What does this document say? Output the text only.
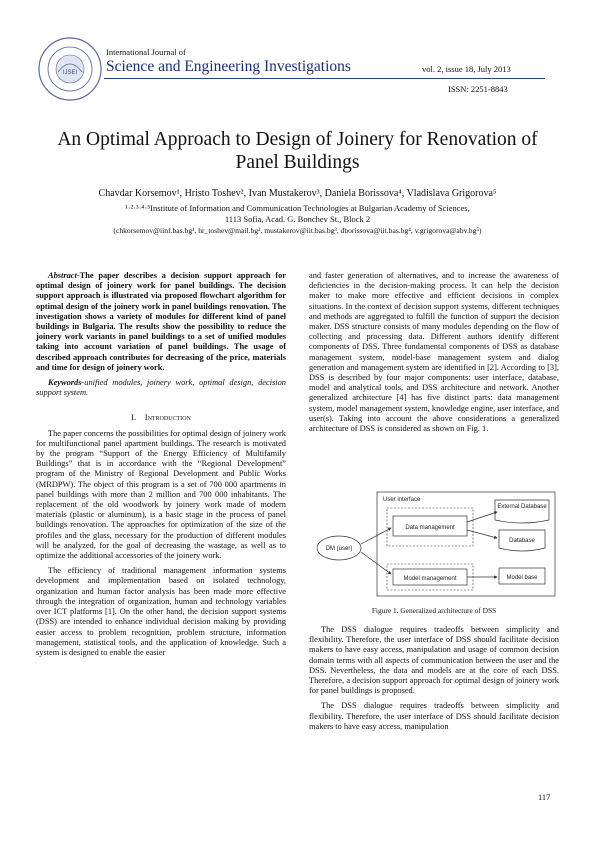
IJSEI
International Journal of
Science and Engineering Investigations	vol. 2, issue 18, July 2013
ISSN: 2251-8843
An Optimal Approach to Design of Joinery for Renovation of Panel Buildings
Chavdar Korsemov¹, Hristo Toshev², Ivan Mustakerov³, Daniela Borissova⁴, Vladislava Grigorova⁵
¹·²·³·⁴·⁵Institute of Information and Communication Technologies at Bulgarian Academy of Sciences,
1113 Sofia, Acad. G. Bonchev St., Block 2
(chkorsemov@iinf.bas.bg¹, hr_toshev@mail.bg², mustakerov@iit.bas.bg³, dborissova@iit.bas.bg⁴, v.grigorova@abv.bg⁵)

Abstract-The paper describes a decision support approach for optimal design of joinery work for panel buildings. The decision support approach is illustrated via proposed flowchart algorithm for optimal design of the joinery work in panel buildings renovation. The investigation shows a variety of modules for different kind of panel buildings in Bulgaria. The results show the possibility to reduce the joinery work variants in panel buildings to a set of unified modules taking into account variation of panel buildings. The usage of described approach contributes for decreasing of the price, materials and time for design of joinery work.

Keywords-unified modules, joinery work, optimal design, decision support system.

I. Introduction

The paper concerns the possibilities for optimal design of joinery work for multifunctional panel apartment buildings. The research is motivated by the program “Support of the Energy Efficiency of Multifamily Buildings” that is in accordance with the “Regional Development” program of the Ministry of Regional Development and Public Works (MRDPW). The object of this program is a set of 700 000 apartments in panel buildings with more than 2 million and 700 000 inhabitants. The replacement of the old woodwork by joinery work made of modern materials (plastic or aluminum), is a basic stage in the process of panel buildings renovation. The approaches for optimization of the size of the profiles and the glass, necessary for the production of different modules will be analyzed, for the goal of decreasing the wastage, as well as to optimize the additional accessories of the joinery work.

The efficiency of traditional management information systems development and implementation based on isolated technology, organization and human factor analysis has been made more effective through the integration of organization, human and technology variables over ICT platforms [1]. On the other hand, the decision support systems (DSS) are intended to enhance individual decision making by providing easier access to problem recognition, problem structure, information management, statistical tools, and the application of knowledge. Such a system is designed to enable the easier

and faster generation of alternatives, and to increase the awareness of deficiencies in the decision-making process. It can help the decision maker to make more effective and efficient decisions in complex situations. In the context of decision support systems, different techniques and methods are aggregated to fulfill the function of support the decision maker. DSS structure consists of many modules depending on the flow of collecting and processing data. Different authors identify different components of DSS. Three fundamental components of DSS as database management system, model-base management system and dialog generation and management system are identified in [2]. According to [3], DSS is described by four major components: user interface, database, model and analytical tools, and DSS architecture and network. Another generalized architecture [4] has five distinct parts: data management system, model management system, knowledge engine, user interface, and user(s). Taking into account the above considerations a generalized architecture of DSS is considered as shown on Fig. 1.

User interface
DM (user)
Data management
Model management
External Database
Database
Model base
Figure 1. Generalized architecture of DSS

The DSS dialogue requires tradeoffs between simplicity and flexibility. Therefore, the user interface of DSS should facilitate decision makers to have easy access, manipulation and usage of common decision domain terms with all aspects of communication between the user and the DSS. Nevertheless, the data and models are at the core of each DSS. Therefore, a decision support approach for optimal design of joinery work for panel buildings is proposed.

The DSS dialogue requires tradeoffs between simplicity and flexibility. Therefore, the user interface of DSS should facilitate decision makers to have easy access, manipulation

117
